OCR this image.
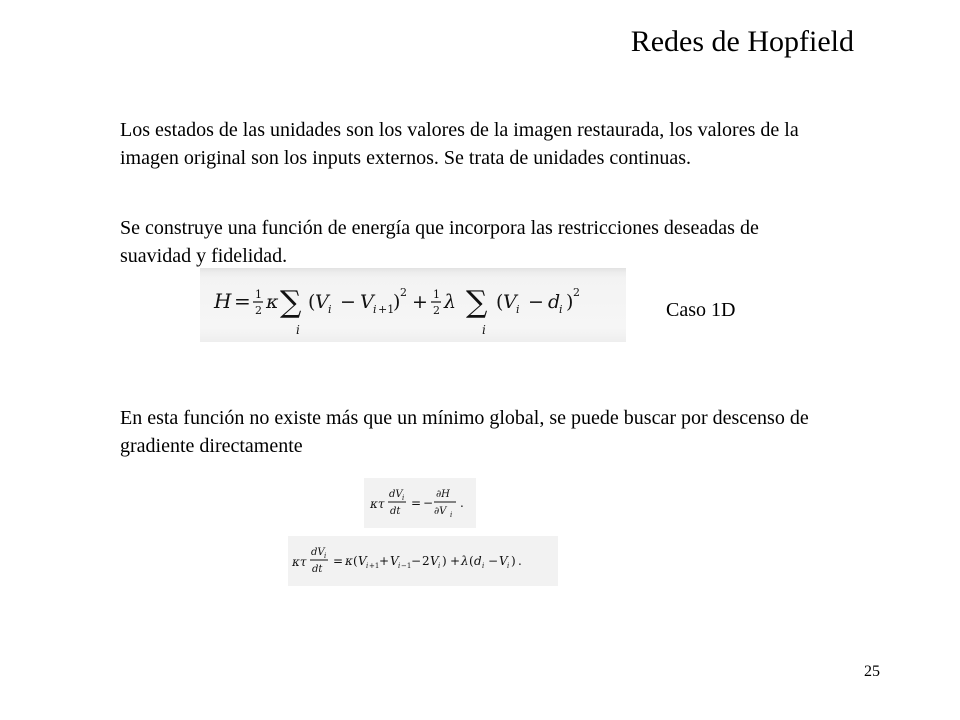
Redes de Hopfield

Los estados de las unidades son los valores de la imagen restaurada, los valores de la imagen original son los inputs externos. Se trata de unidades continuas.

Se construye una función de energía que incorpora las restricciones deseadas de suavidad y fidelidad.

H = 1
2 κ ∑
i
( V i − V i +1
) 2 + 1
2 λ ∑
i
( V i − d
i ) 2
Caso 1D

En esta función no existe más que un mínimo global, se puede buscar por descenso de gradiente directamente

κτ
dV i
dt
= −
∂H
∂V i
.
κτ
dV i
dt
= κ ( V i +1 + V i −1 − 2 V i ) + λ ( d i − V i ) .
25
